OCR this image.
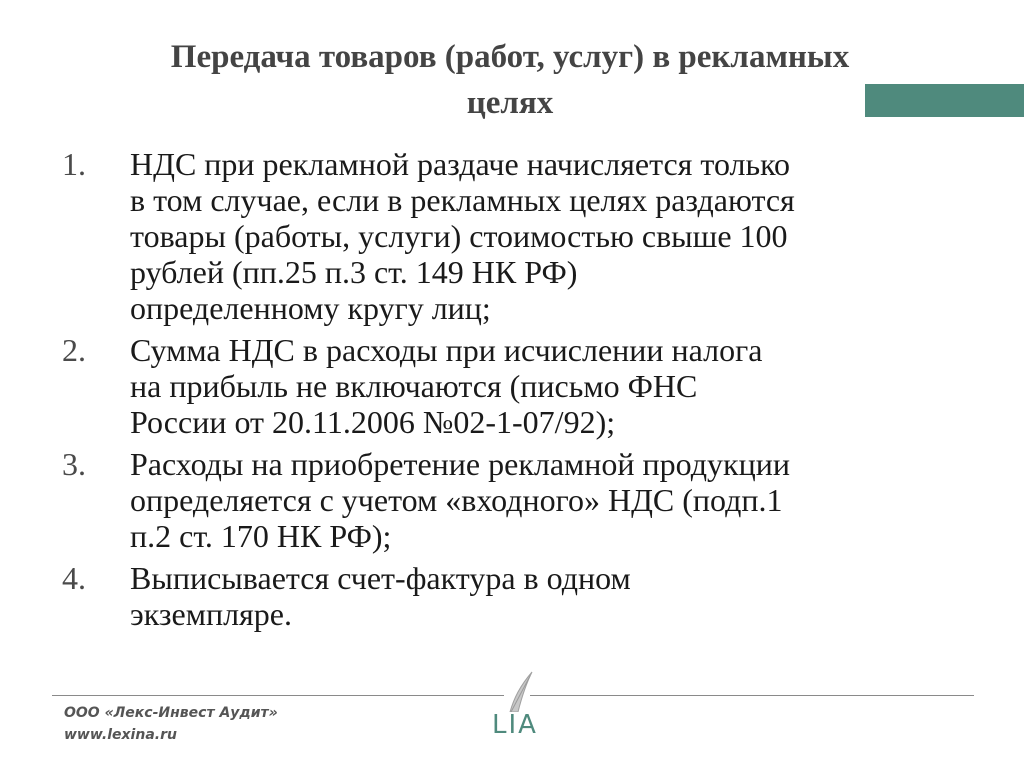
Передача товаров (работ, услуг) в рекламных
целях
1. НДС при рекламной раздаче начисляется только
в том случае, если в рекламных целях раздаются
товары (работы, услуги) стоимостью свыше 100
рублей (пп.25 п.3 ст. 149 НК РФ)
определенному кругу лиц;
2. Сумма НДС в расходы при исчислении налога
на прибыль не включаются (письмо ФНС
России от 20.11.2006 №02-1-07/92);
3. Расходы на приобретение рекламной продукции
определяется с учетом «входного» НДС (подп.1
п.2 ст. 170 НК РФ);
4. Выписывается счет-фактура в одном
экземпляре.
ООО «Лекс-Инвест Аудит»
www.lexina.ru	LIA
